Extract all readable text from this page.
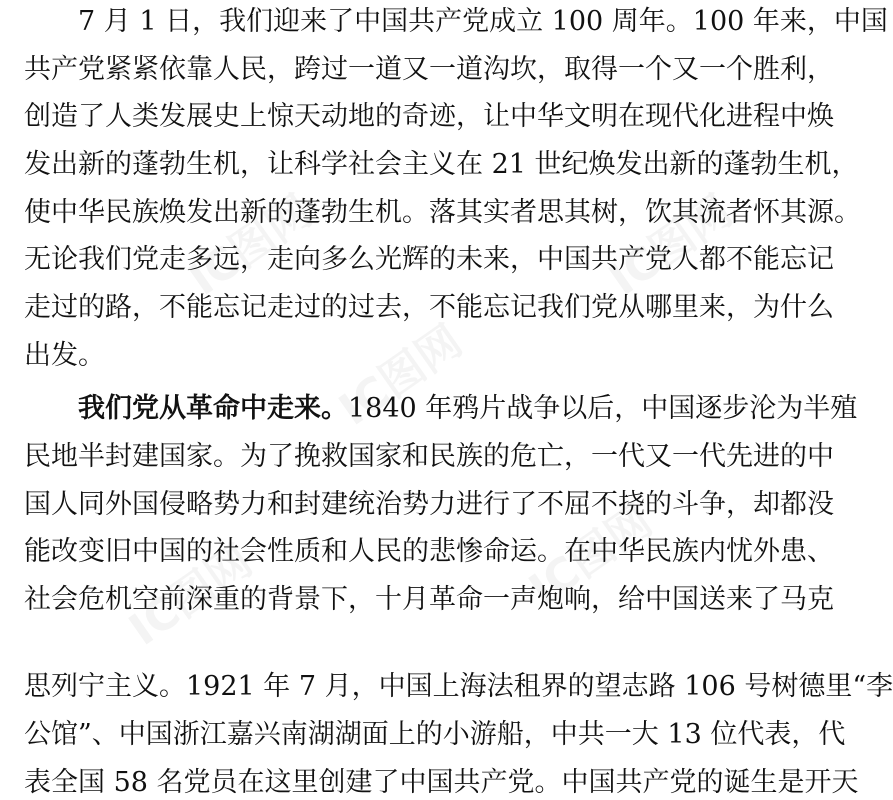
IC图网	IC图网
IC图网
IC图网	IC图网
7 月 1 日，我们迎来了中国共产党成立 100 周年。100 年来，中国
共产党紧紧依靠人民，跨过一道又一道沟坎，取得一个又一个胜利，
创造了人类发展史上惊天动地的奇迹，让中华文明在现代化进程中焕
发出新的蓬勃生机，让科学社会主义在 21 世纪焕发出新的蓬勃生机，
使中华民族焕发出新的蓬勃生机。落其实者思其树，饮其流者怀其源。
无论我们党走多远，走向多么光辉的未来，中国共产党人都不能忘记
走过的路，不能忘记走过的过去，不能忘记我们党从哪里来，为什么
出发。
我们党从革命中走来。1840 年鸦片战争以后，中国逐步沦为半殖
民地半封建国家。为了挽救国家和民族的危亡，一代又一代先进的中
国人同外国侵略势力和封建统治势力进行了不屈不挠的斗争，却都没
能改变旧中国的社会性质和人民的悲惨命运。在中华民族内忧外患、
社会危机空前深重的背景下，十月革命一声炮响，给中国送来了马克
思列宁主义。1921 年 7 月，中国上海法租界的望志路 106 号树德里“李
公馆”、中国浙江嘉兴南湖湖面上的小游船，中共一大 13 位代表，代
表全国 58 名党员在这里创建了中国共产党。中国共产党的诞生是开天
